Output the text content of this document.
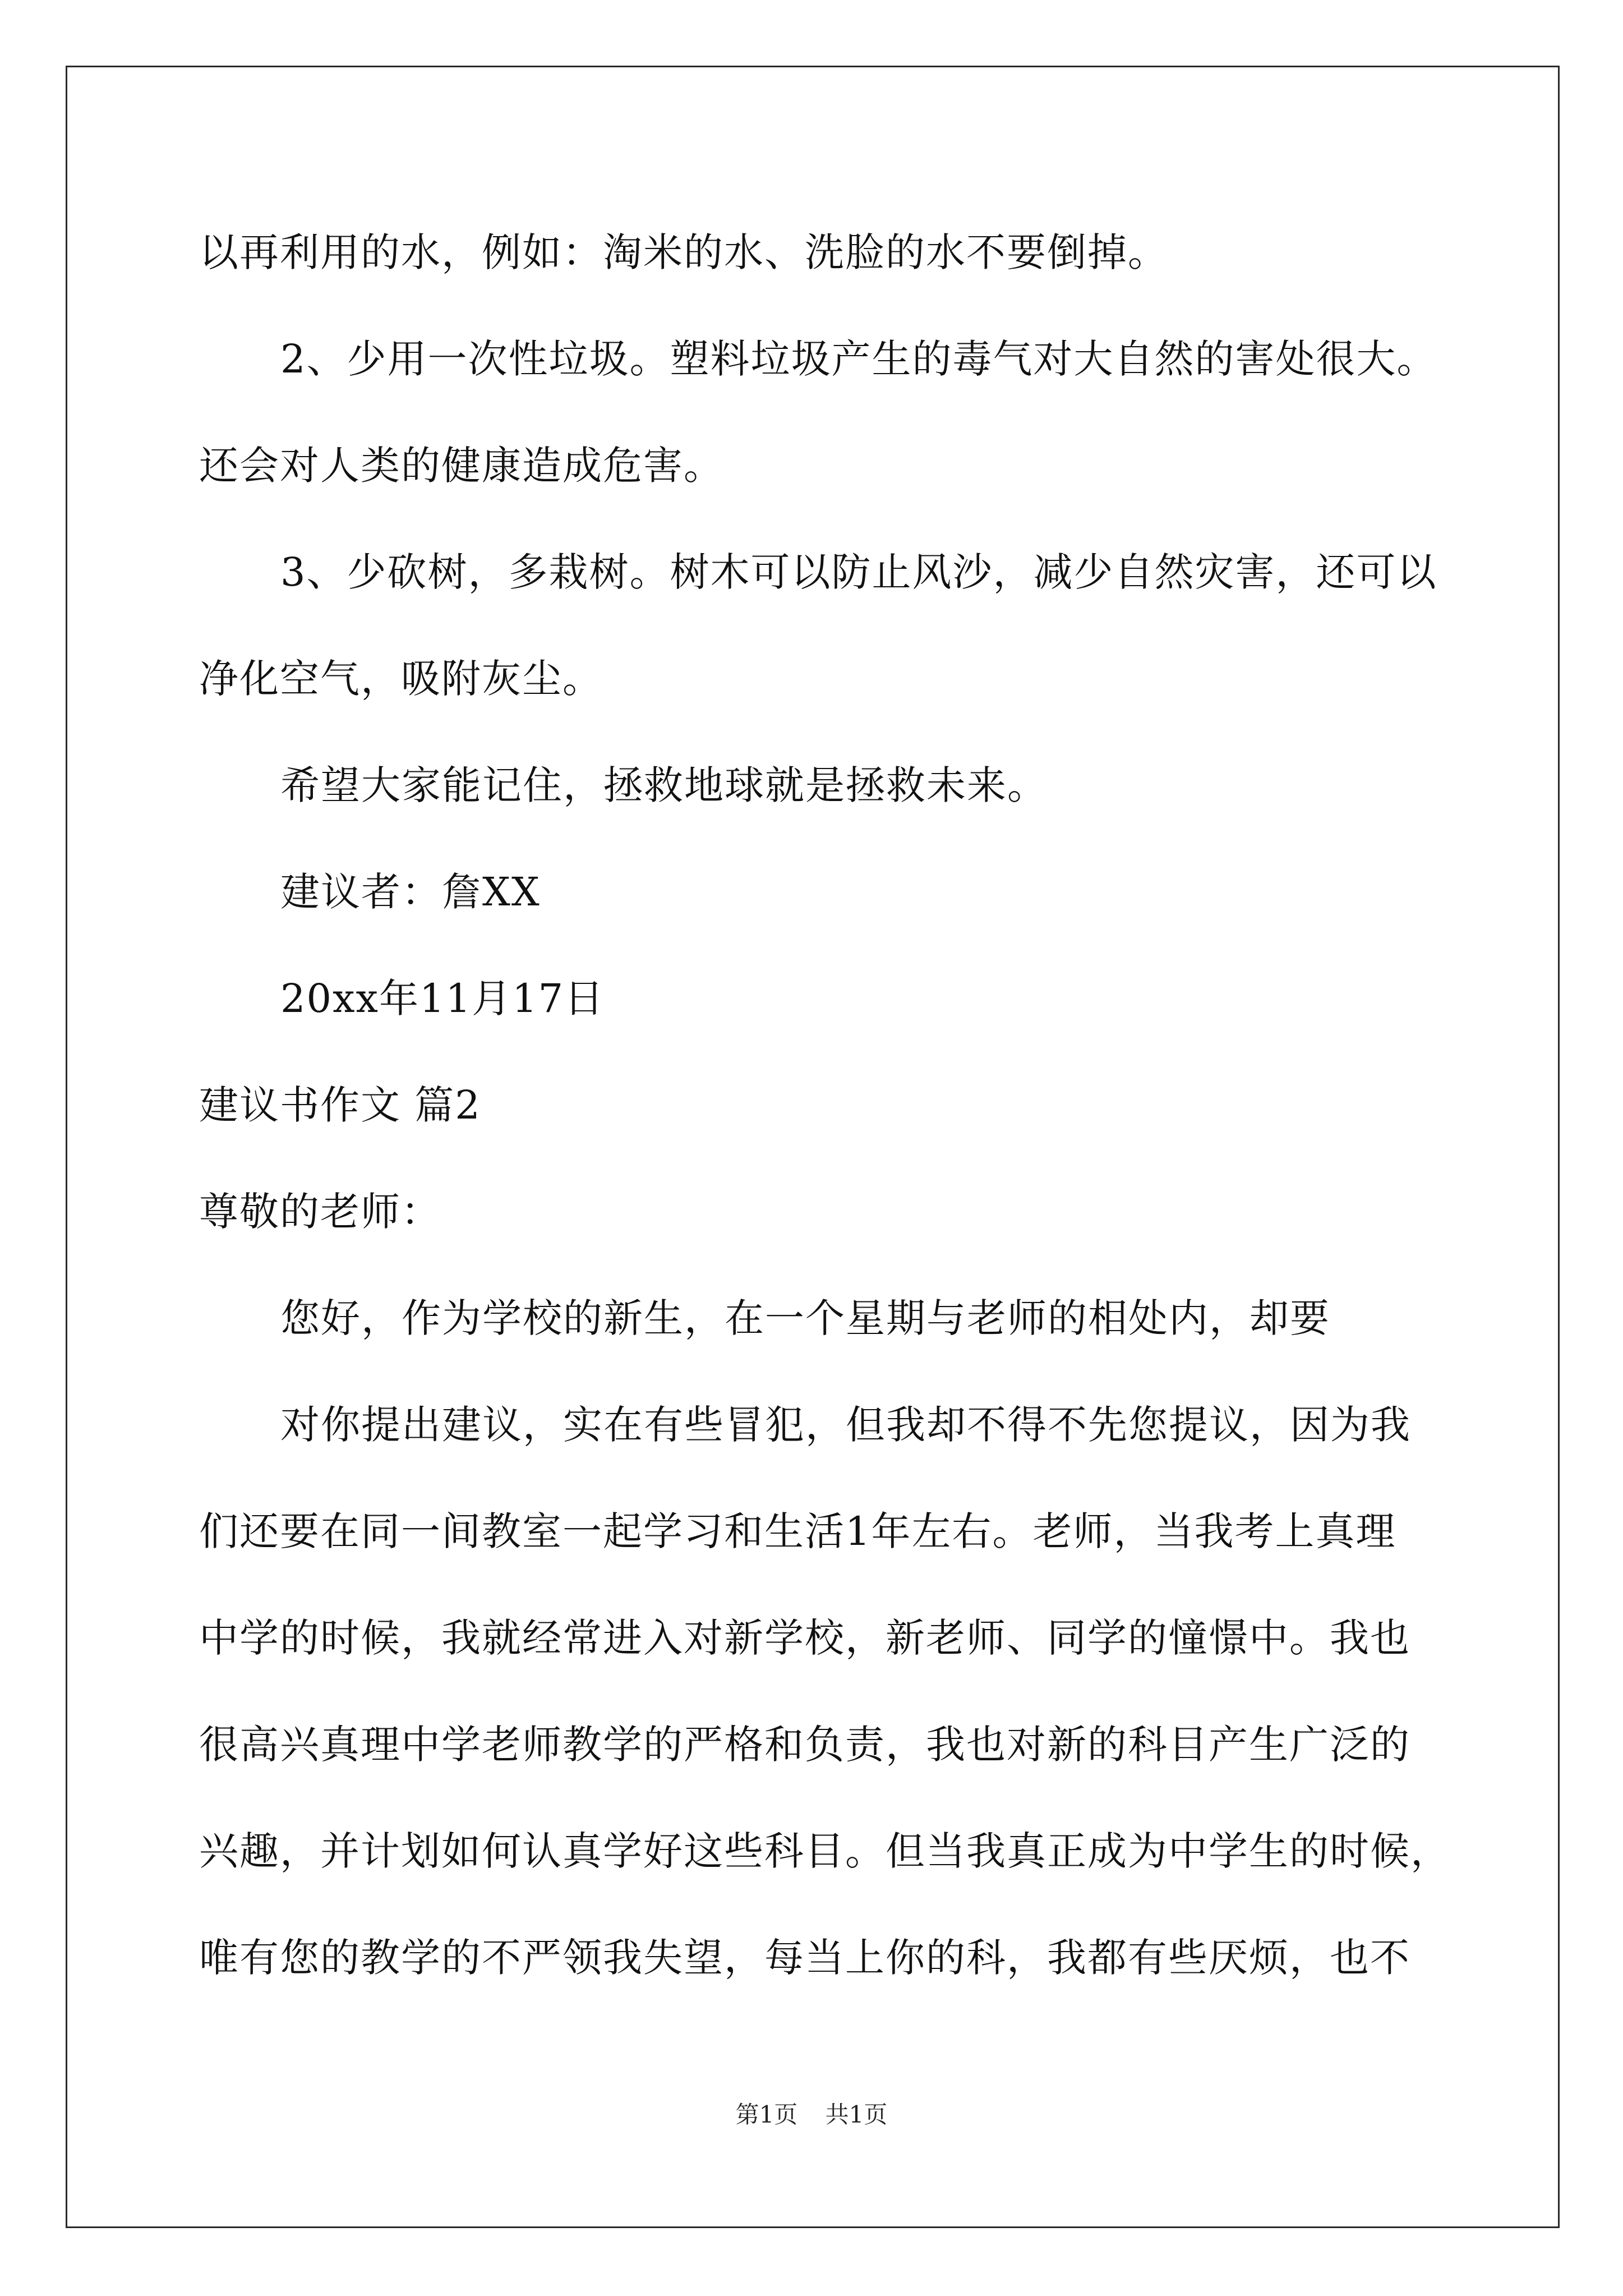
以再利用的水，例如：淘米的水、洗脸的水不要倒掉。
2、少用一次性垃圾。塑料垃圾产生的毒气对大自然的害处很大。
还会对人类的健康造成危害。
3、少砍树，多栽树。树木可以防止风沙，减少自然灾害，还可以
净化空气，吸附灰尘。
希望大家能记住，拯救地球就是拯救未来。
建议者：詹XX
20xx年11月17日
建议书作文 篇2
尊敬的老师：
您好，作为学校的新生，在一个星期与老师的相处内，却要
对你提出建议，实在有些冒犯，但我却不得不先您提议，因为我
们还要在同一间教室一起学习和生活1年左右。老师，当我考上真理
中学的时候，我就经常进入对新学校，新老师、同学的憧憬中。我也
很高兴真理中学老师教学的严格和负责，我也对新的科目产生广泛的
兴趣，并计划如何认真学好这些科目。但当我真正成为中学生的时候，
唯有您的教学的不严领我失望，每当上你的科，我都有些厌烦，也不
第1页 共1页
